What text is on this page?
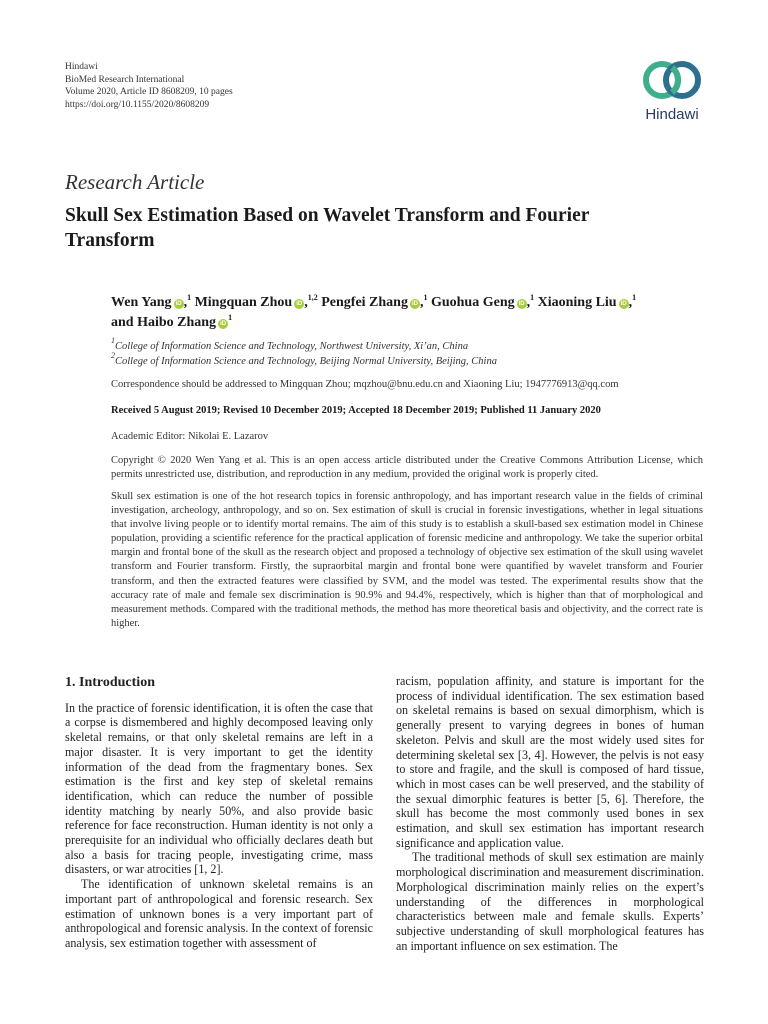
Hindawi
BioMed Research International
Volume 2020, Article ID 8608209, 10 pages
https://doi.org/10.1155/2020/8608209
Hindawi
Research Article
Skull Sex Estimation Based on Wavelet Transform and Fourier Transform
Wen Yang iD ,$^1$ Mingquan Zhou iD ,$^{1,2}$ Pengfei Zhang iD ,$^1$ Guohua Geng iD ,$^1$ Xiaoning Liu iD ,$^1$
and Haibo Zhang $iD^1$
$^1$College of Information Science and Technology, Northwest University, Xi’an, China
$^2$College of Information Science and Technology, Beijing Normal University, Beijing, China
Correspondence should be addressed to Mingquan Zhou; mqzhou@bnu.edu.cn and Xiaoning Liu; 1947776913@qq.com
Received 5 August 2019; Revised 10 December 2019; Accepted 18 December 2019; Published 11 January 2020
Academic Editor: Nikolai E. Lazarov
Copyright © 2020 Wen Yang et al. This is an open access article distributed under the Creative Commons Attribution License, which permits unrestricted use, distribution, and reproduction in any medium, provided the original work is properly cited.
Skull sex estimation is one of the hot research topics in forensic anthropology, and has important research value in the fields of criminal investigation, archeology, anthropology, and so on. Sex estimation of skull is crucial in forensic investigations, whether in legal situations that involve living people or to identify mortal remains. The aim of this study is to establish a skull-based sex estimation model in Chinese population, providing a scientific reference for the practical application of forensic medicine and anthropology. We take the superior orbital margin and frontal bone of the skull as the research object and proposed a technology of objective sex estimation of the skull using wavelet transform and Fourier transform. Firstly, the supraorbital margin and frontal bone were quantified by wavelet transform and Fourier transform, and then the extracted features were classified by SVM, and the model was tested. The experimental results show that the accuracy rate of male and female sex discrimination is 90.9% and 94.4%, respectively, which is higher than that of morphological and measurement methods. Compared with the traditional methods, the method has more theoretical basis and objectivity, and the correct rate is higher.
1. Introduction

In the practice of forensic identification, it is often the case that a corpse is dismembered and highly decomposed leaving only skeletal remains, or that only skeletal remains are left in a major disaster. It is very important to get the identity information of the dead from the fragmentary bones. Sex estimation is the first and key step of skeletal remains identification, which can reduce the number of possible identity matching by nearly 50%, and also provide basic reference for face reconstruction. Human identity is not only a prerequisite for an individual who officially declares death but also a basis for tracing people, investigating crime, mass disasters, or war atrocities [1, 2].

The identification of unknown skeletal remains is an important part of anthropological and forensic research. Sex estimation of unknown bones is a very important part of anthropological and forensic analysis. In the context of forensic analysis, sex estimation together with assessment of

racism, population affinity, and stature is important for the process of individual identification. The sex estimation based on skeletal remains is based on sexual dimorphism, which is generally present to varying degrees in bones of human skeleton. Pelvis and skull are the most widely used sites for determining skeletal sex [3, 4]. However, the pelvis is not easy to store and fragile, and the skull is composed of hard tissue, which in most cases can be well preserved, and the stability of the sexual dimorphic features is better [5, 6]. Therefore, the skull has become the most commonly used bones in sex estimation, and skull sex estimation has important research significance and application value.

The traditional methods of skull sex estimation are mainly morphological discrimination and measurement discrimination. Morphological discrimination mainly relies on the expert’s understanding of the differences in morphological characteristics between male and female skulls. Experts’ subjective understanding of skull morphological features has an important influence on sex estimation. The
